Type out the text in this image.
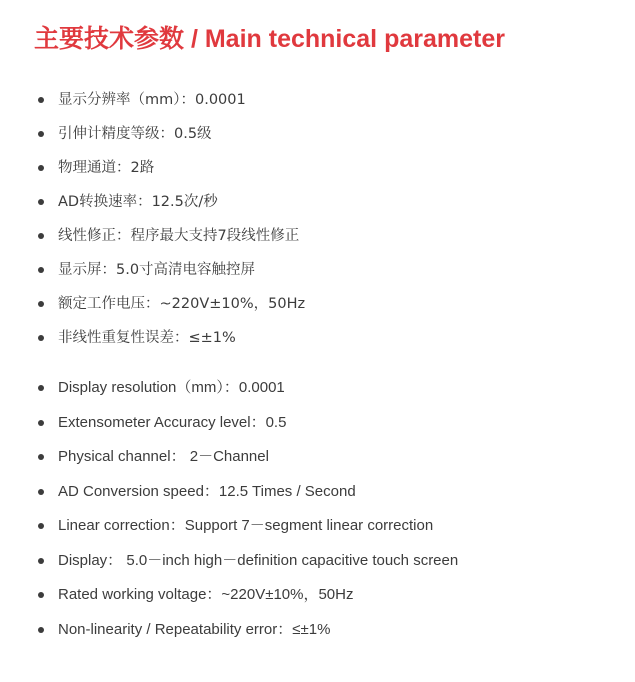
主要技术参数 / Main technical parameter
显示分辨率（mm）：0.0001
引伸计精度等级：0.5级
物理通道：2路
AD转换速率：12.5次/秒
线性修正：程序最大支持7段线性修正
显示屏：5.0寸高清电容触控屏
额定工作电压：~220V±10%，50Hz
非线性重复性误差：≤±1%
Display resolution（mm）：0.0001
Extensometer Accuracy level：0.5
Physical channel： 2－Channel
AD Conversion speed：12.5 Times / Second
Linear correction：Support 7－segment linear correction
Display： 5.0－inch high－definition capacitive touch screen
Rated working voltage：~220V±10%，50Hz
Non-linearity / Repeatability error：≤±1%
